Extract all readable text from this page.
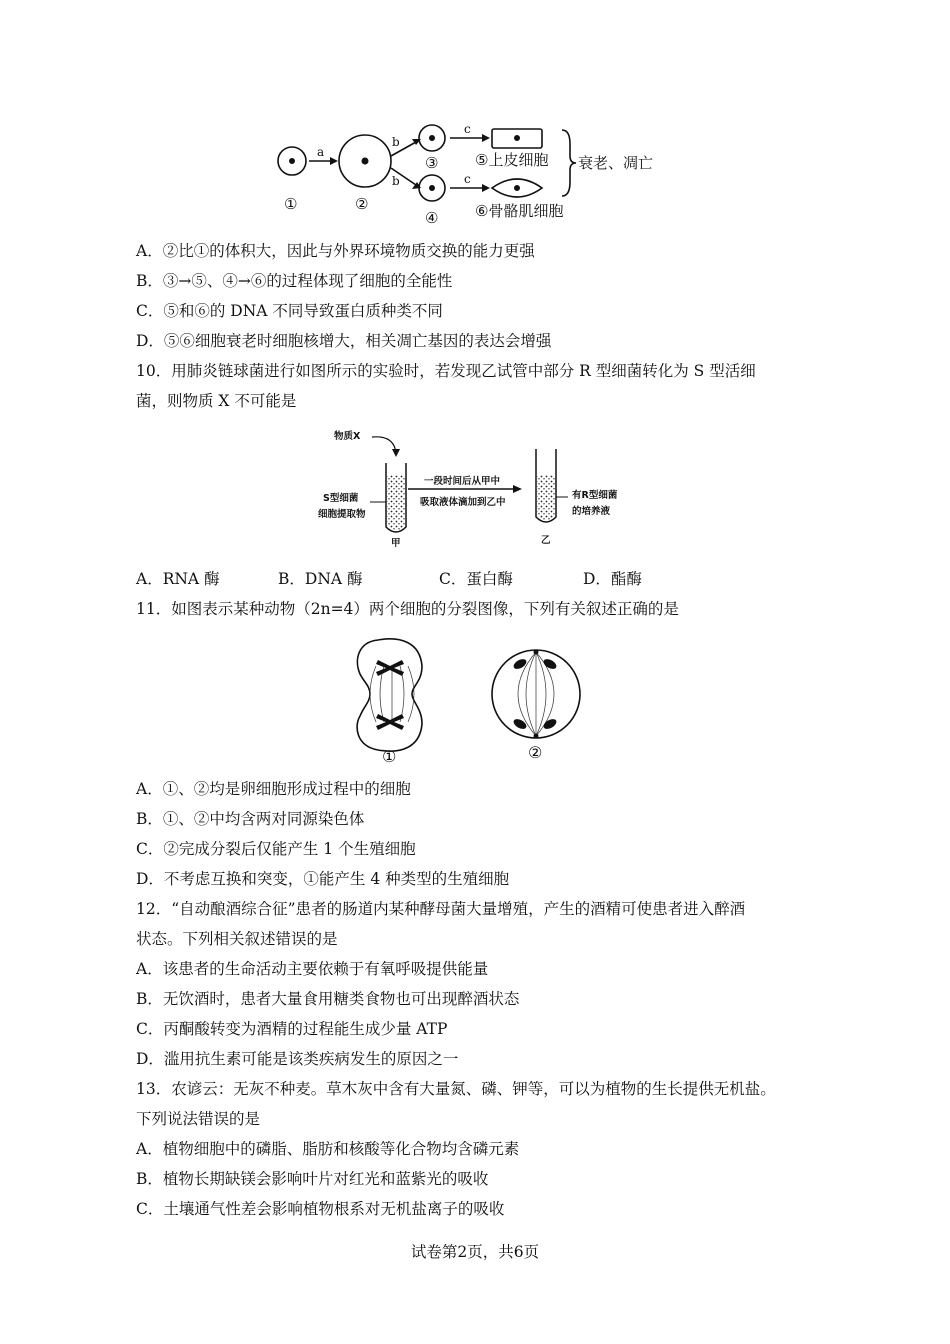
a
b
b
c
c
①	②
③
④
⑤上皮细胞
⑥骨骼肌细胞
衰老、凋亡
A．②比①的体积大，因此与外界环境物质交换的能力更强
B．③→⑤、④→⑥的过程体现了细胞的全能性
C．⑤和⑥的 DNA 不同导致蛋白质种类不同
D．⑤⑥细胞衰老时细胞核增大，相关凋亡基因的表达会增强
10．用肺炎链球菌进行如图所示的实验时，若发现乙试管中部分 R 型细菌转化为 S 型活细
菌，则物质 X 不可能是
物质X
S型细菌
细胞提取物
一段时间后从甲中
吸取液体滴加到乙中
有R型细菌
的培养液
甲	乙
A．RNA 酶	B．DNA 酶	C．蛋白酶	D．酯酶
11．如图表示某种动物（2n=4）两个细胞的分裂图像，下列有关叙述正确的是
①	②
A．①、②均是卵细胞形成过程中的细胞
B．①、②中均含两对同源染色体
C．②完成分裂后仅能产生 1 个生殖细胞
D．不考虑互换和突变，①能产生 4 种类型的生殖细胞
12．“自动酿酒综合征”患者的肠道内某种酵母菌大量增殖，产生的酒精可使患者进入醉酒
状态。下列相关叙述错误的是
A．该患者的生命活动主要依赖于有氧呼吸提供能量
B．无饮酒时，患者大量食用糖类食物也可出现醉酒状态
C．丙酮酸转变为酒精的过程能生成少量 ATP
D．滥用抗生素可能是该类疾病发生的原因之一
13．农谚云：无灰不种麦。草木灰中含有大量氮、磷、钾等，可以为植物的生长提供无机盐。
下列说法错误的是
A．植物细胞中的磷脂、脂肪和核酸等化合物均含磷元素
B．植物长期缺镁会影响叶片对红光和蓝紫光的吸收
C．土壤通气性差会影响植物根系对无机盐离子的吸收
试卷第2页，共6页
